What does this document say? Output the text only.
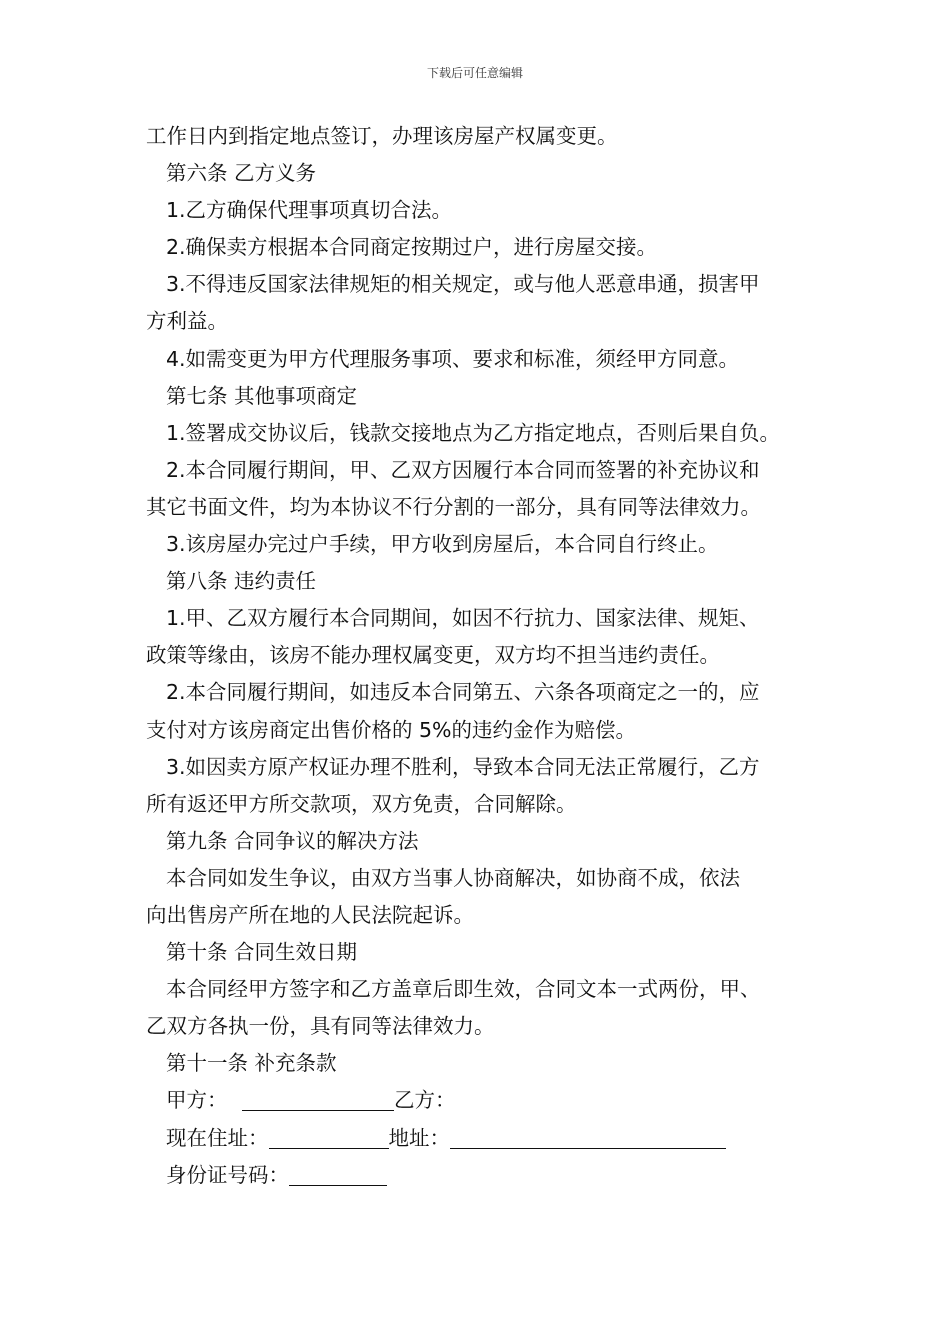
下载后可任意编辑

工作日内到指定地点签订，办理该房屋产权属变更。

第六条 乙方义务

1.乙方确保代理事项真切合法。

2.确保卖方根据本合同商定按期过户，进行房屋交接。

3.不得违反国家法律规矩的相关规定，或与他人恶意串通，损害甲

方利益。

4.如需变更为甲方代理服务事项、要求和标准，须经甲方同意。

第七条 其他事项商定

1.签署成交协议后，钱款交接地点为乙方指定地点，否则后果自负。

2.本合同履行期间，甲、乙双方因履行本合同而签署的补充协议和

其它书面文件，均为本协议不行分割的一部分，具有同等法律效力。

3.该房屋办完过户手续，甲方收到房屋后，本合同自行终止。

第八条 违约责任

1.甲、乙双方履行本合同期间，如因不行抗力、国家法律、规矩、

政策等缘由，该房不能办理权属变更，双方均不担当违约责任。

2.本合同履行期间，如违反本合同第五、六条各项商定之一的，应

支付对方该房商定出售价格的 5%的违约金作为赔偿。

3.如因卖方原产权证办理不胜利，导致本合同无法正常履行，乙方

所有返还甲方所交款项，双方免责，合同解除。

第九条 合同争议的解决方法

本合同如发生争议，由双方当事人协商解决，如协商不成，依法

向出售房产所在地的人民法院起诉。

第十条 合同生效日期

本合同经甲方签字和乙方盖章后即生效，合同文本一式两份，甲、

乙双方各执一份，具有同等法律效力。

第十一条 补充条款

甲方：	乙方：

现在住址：	地址：

身份证号码：
